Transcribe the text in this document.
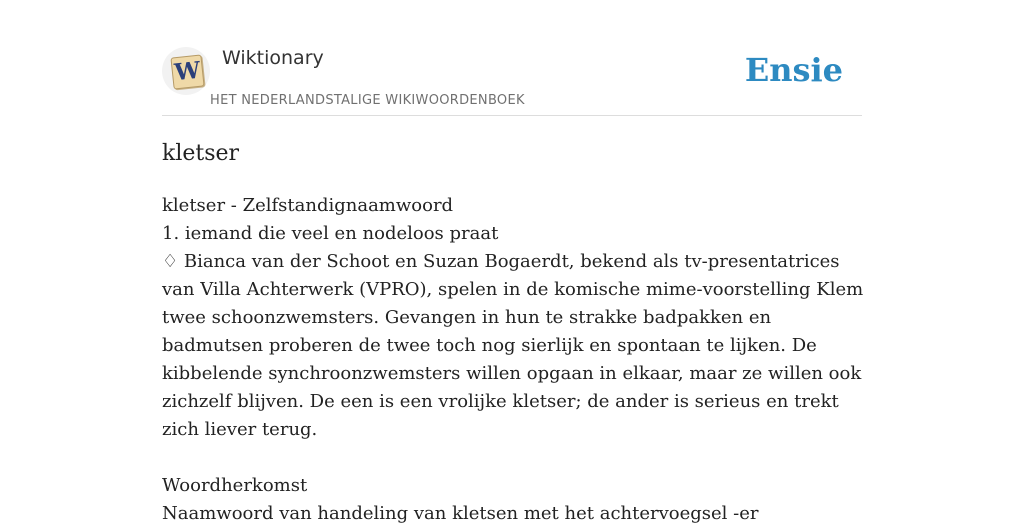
W Wiktionary
HET NEDERLANDSTALIGE WIKIWOORDENBOEK
Ensie
kletser

kletser - Zelfstandignaamwoord

1. iemand die veel en nodeloos praat

♢ Bianca van der Schoot en Suzan Bogaerdt, bekend als tv-presentatrices van Villa Achterwerk (VPRO), spelen in de komische mime-voorstelling Klem twee schoonzwemsters. Gevangen in hun te strakke badpakken en badmutsen proberen de twee toch nog sierlijk en spontaan te lijken. De kibbelende synchroonzwemsters willen opgaan in elkaar, maar ze willen ook zichzelf blijven. De een is een vrolijke kletser; de ander is serieus en trekt zich liever terug.

Woordherkomst

Naamwoord van handeling van kletsen met het achtervoegsel -er
